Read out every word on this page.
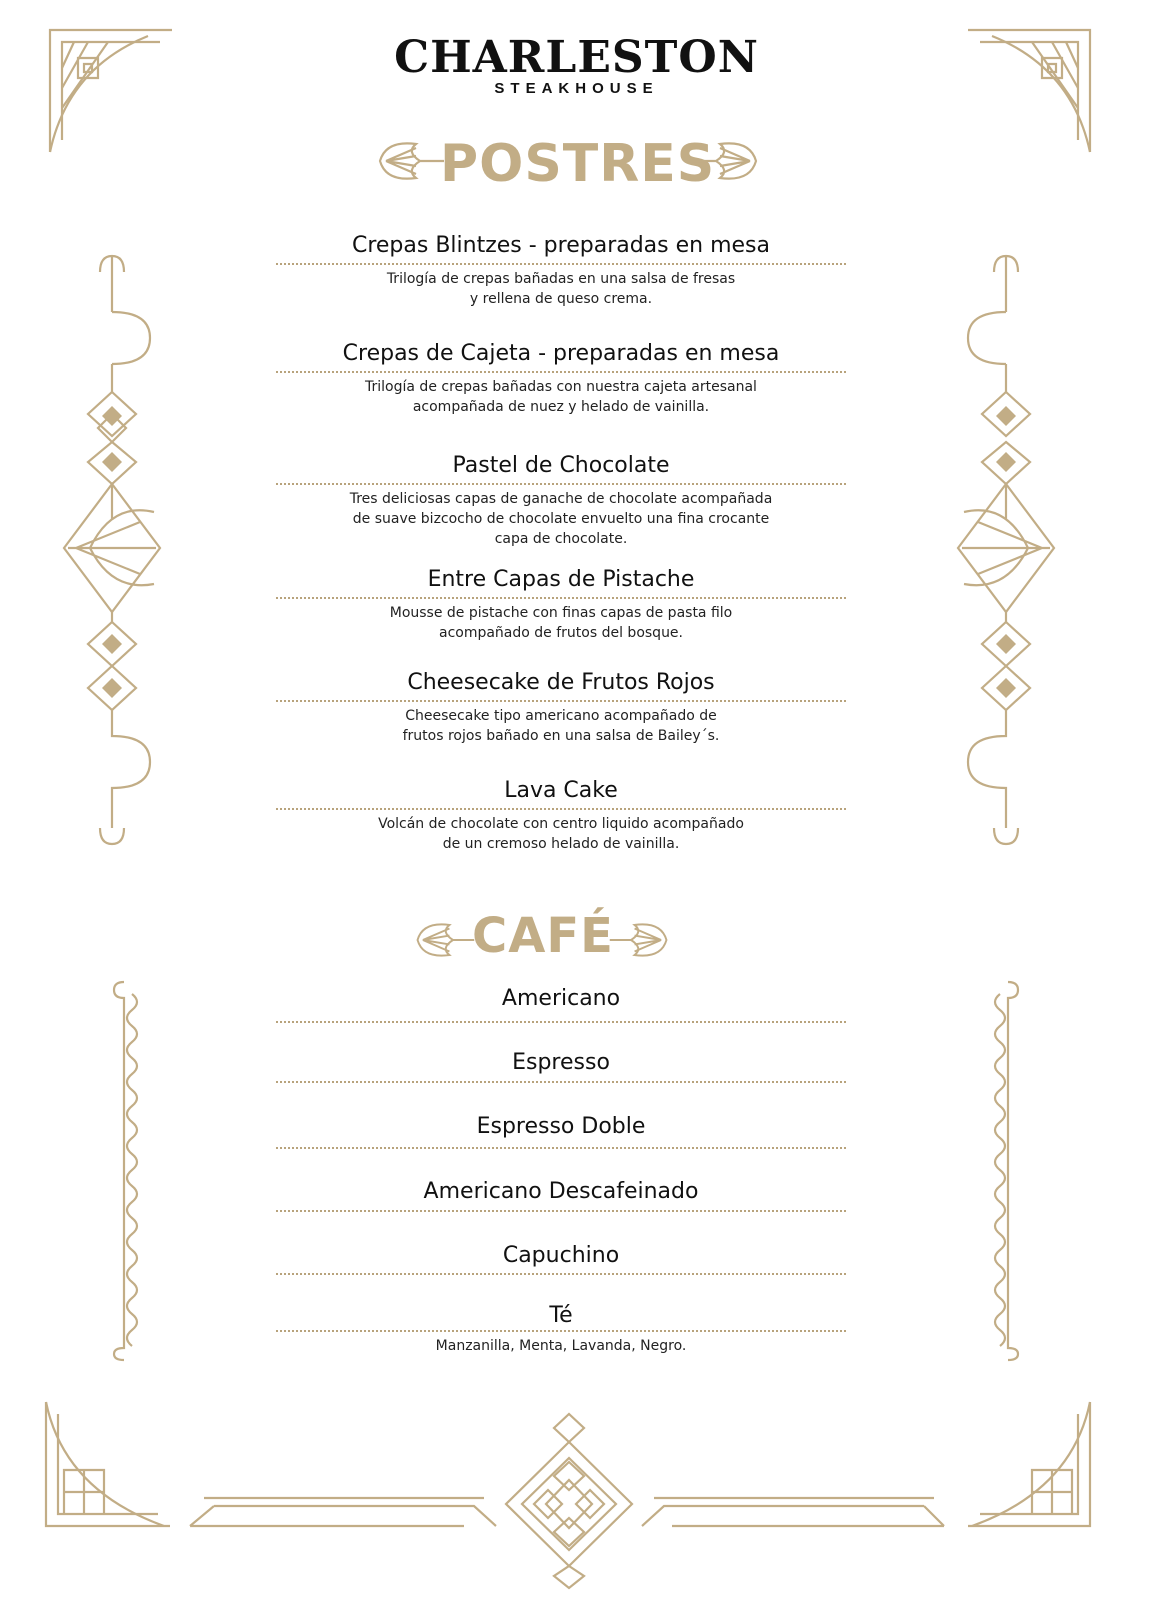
CHARLESTON
STEAKHOUSE
POSTRES
Crepas Blintzes - preparadas en mesa
Trilogía de crepas bañadas en una salsa de fresas
y rellena de queso crema.
Crepas de Cajeta - preparadas en mesa
Trilogía de crepas bañadas con nuestra cajeta artesanal
acompañada de nuez y helado de vainilla.
Pastel de Chocolate
Tres deliciosas capas de ganache de chocolate acompañada
de suave bizcocho de chocolate envuelto una fina crocante
capa de chocolate.
Entre Capas de Pistache
Mousse de pistache con finas capas de pasta filo
acompañado de frutos del bosque.
Cheesecake de Frutos Rojos
Cheesecake tipo americano acompañado de
frutos rojos bañado en una salsa de Bailey´s.
Lava Cake
Volcán de chocolate con centro liquido acompañado
de un cremoso helado de vainilla.
CAFÉ
Americano
Espresso
Espresso Doble
Americano Descafeinado
Capuchino
Té
Manzanilla, Menta, Lavanda, Negro.
